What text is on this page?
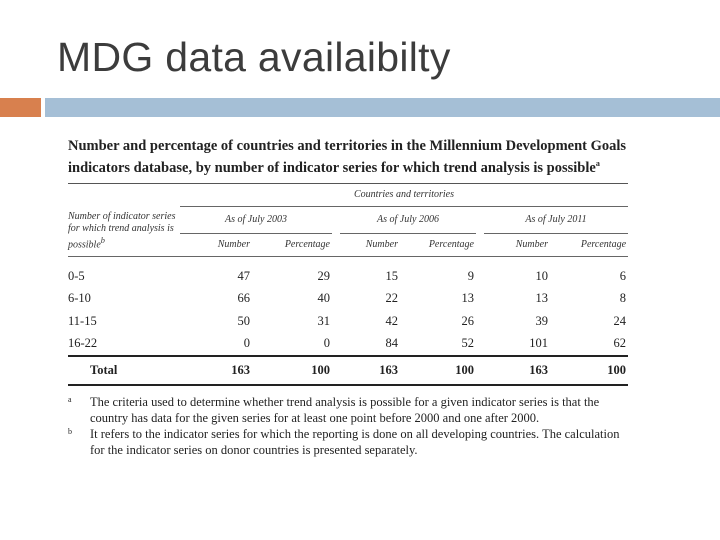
MDG data availaibilty
Number and percentage of countries and territories in the Millennium Development Goals indicators database, by number of indicator series for which trend analysis is possible$^a$
	Countries and territories							
Number of indicator series for which trend analysis is possible$^b$	As of July 2003			As of July 2006			As of July 2011	
	Number	Percentage		Number	Percentage		Number	Percentage

0-5	47	29		15	9		10	6
6-10	66	40		22	13		13	8
11-15	50	31		42	26		39	24
16-22	0	0		84	52		101	62
Total	163	100		163	100		163	100
a	The criteria used to determine whether trend analysis is possible for a given indicator series is that the country has data for the given series for at least one point before 2000 and one after 2000.
b	It refers to the indicator series for which the reporting is done on all developing countries. The calculation for the indicator series on donor countries is presented separately.
